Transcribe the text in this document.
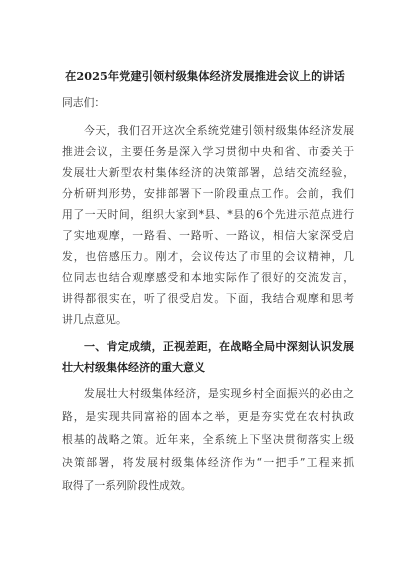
在2025年党建引领村级集体经济发展推进会议上的讲话
同志们：
今天，我们召开这次全系统党建引领村级集体经济发展
推进会议，主要任务是深入学习贯彻中央和省、市委关于
发展壮大新型农村集体经济的决策部署，总结交流经验，
分析研判形势，安排部署下一阶段重点工作。会前，我们
用了一天时间，组织大家到*县、*县的6个先进示范点进行
了实地观摩，一路看、一路听、一路议，相信大家深受启
发，也倍感压力。刚才，会议传达了市里的会议精神，几
位同志也结合观摩感受和本地实际作了很好的交流发言，
讲得都很实在，听了很受启发。下面，我结合观摩和思考
讲几点意见。
一、肯定成绩，正视差距，在战略全局中深刻认识发展
壮大村级集体经济的重大意义
发展壮大村级集体经济，是实现乡村全面振兴的必由之
路，是实现共同富裕的固本之举，更是夯实党在农村执政
根基的战略之策。近年来，全系统上下坚决贯彻落实上级
决策部署，将发展村级集体经济作为“一把手”工程来抓
取得了一系列阶段性成效。
